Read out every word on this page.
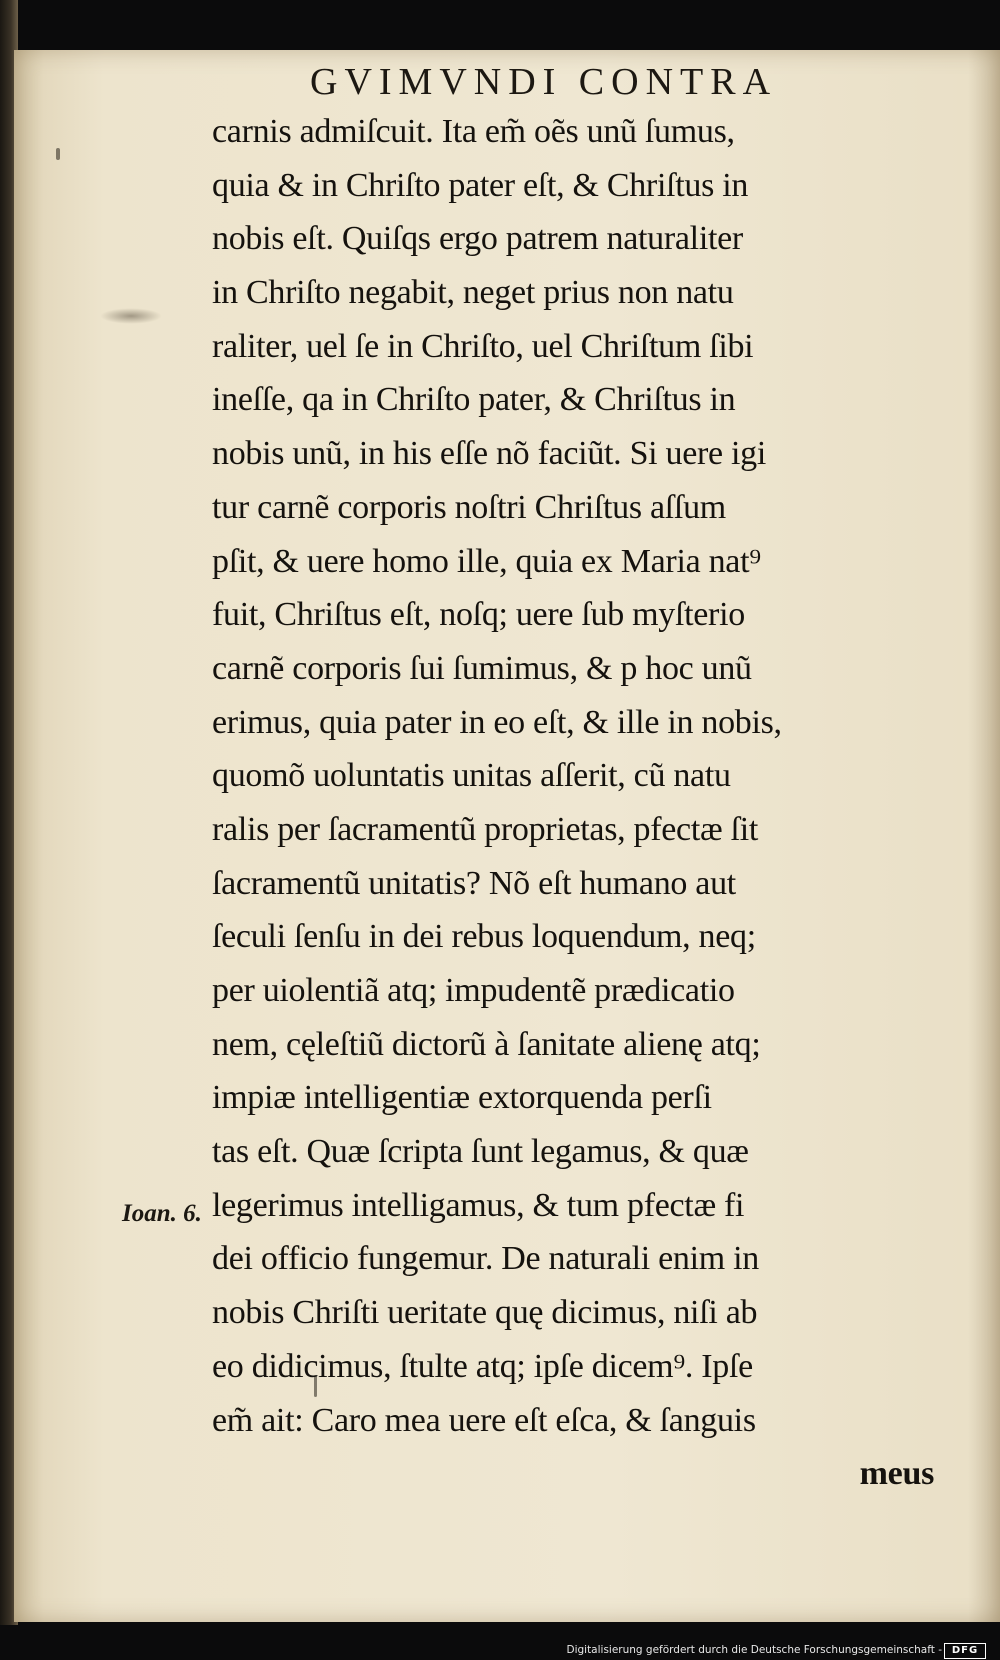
GVIMVNDI CONTRA
carnis admiſcuit. Ita em̃ oẽs unũ ſumus,
quia & in Chriſto pater eſt, & Chriſtus in
nobis eſt. Quiſqs ergo patrem naturaliter
in Chriſto negabit, neget prius non natu
raliter, uel ſe in Chriſto, uel Chriſtum ſibi
ineſſe, qa in Chriſto pater, & Chriſtus in
nobis unũ, in his eſſe nõ faciũt. Si uere igi
tur carnẽ corporis noſtri Chriſtus aſſum
pſit, & uere homo ille, quia ex Maria nat⁹
fuit, Chriſtus eſt, noſq; uere ſub myſterio
carnẽ corporis ſui ſumimus, & p hoc unũ
erimus, quia pater in eo eſt, & ille in nobis,
quomõ uoluntatis unitas aſſerit, cũ natu
ralis per ſacramentũ proprietas, pfectæ ſit
ſacramentũ unitatis? Nõ eſt humano aut
ſeculi ſenſu in dei rebus loquendum, neq;
per uiolentiã atq; impudentẽ prædicatio
nem, cęleſtiũ dictorũ à ſanitate alienę atq;
impiæ intelligentiæ extorquenda perſi
tas eſt. Quæ ſcripta ſunt legamus, & quæ
legerimus intelligamus, & tum pfectæ fi
dei officio fungemur. De naturali enim in
nobis Chriſti ueritate quę dicimus, niſi ab
eo didicimus, ſtulte atq; ipſe dicem⁹. Ipſe
em̃ ait: Caro mea uere eſt eſca, & ſanguis
meus
Ioan. 6.
Digitalisierung gefördert durch die Deutsche Forschungsgemeinschaft - DFG
